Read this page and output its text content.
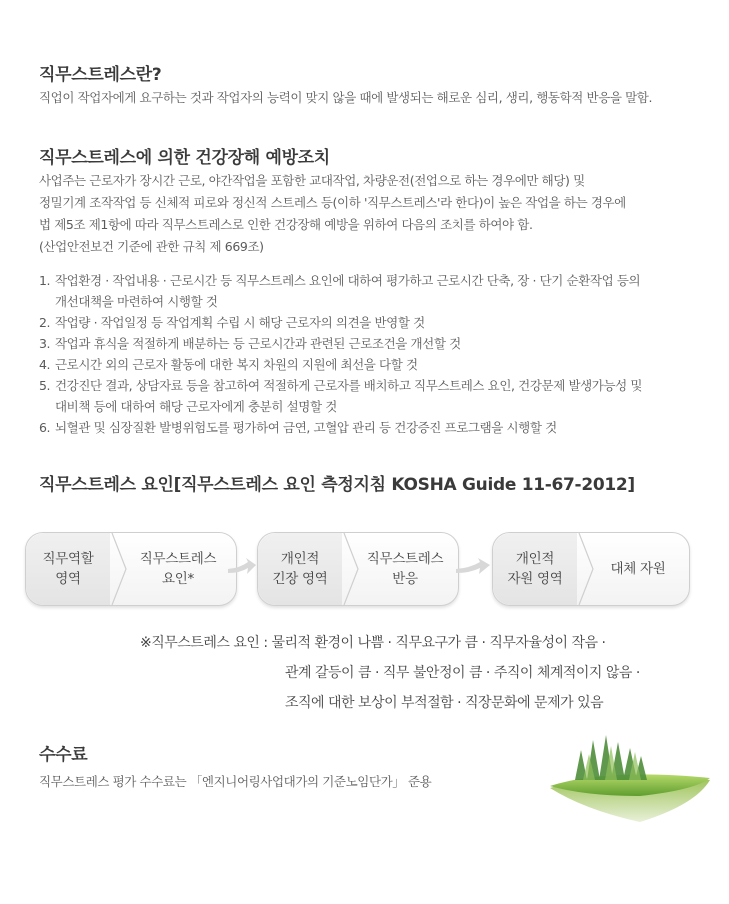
직무스트레스란?
직업이 작업자에게 요구하는 것과 작업자의 능력이 맞지 않을 때에 발생되는 해로운 심리, 생리, 행동학적 반응을 말함.
직무스트레스에 의한 건강장해 예방조치
사업주는 근로자가 장시간 근로, 야간작업을 포함한 교대작업, 차량운전(전업으로 하는 경우에만 해당) 및
정밀기계 조작작업 등 신체적 피로와 정신적 스트레스 등(이하 '직무스트레스'라 한다)이 높은 작업을 하는 경우에
법 제5조 제1항에 따라 직무스트레스로 인한 건강장해 예방을 위하여 다음의 조치를 하여야 함.
(산업안전보건 기준에 관한 규칙 제 669조)
1. 작업환경 · 작업내용 · 근로시간 등 직무스트레스 요인에 대하여 평가하고 근로시간 단축, 장 · 단기 순환작업 등의
개선대책을 마련하여 시행할 것
2. 작업량 · 작업일정 등 작업계획 수립 시 해당 근로자의 의견을 반영할 것
3. 작업과 휴식을 적절하게 배분하는 등 근로시간과 관련된 근로조건을 개선할 것
4. 근로시간 외의 근로자 활동에 대한 복지 차원의 지원에 최선을 다할 것
5. 건강진단 결과, 상담자료 등을 참고하여 적절하게 근로자를 배치하고 직무스트레스 요인, 건강문제 발생가능성 및
대비책 등에 대하여 해당 근로자에게 충분히 설명할 것
6. 뇌혈관 및 심장질환 발병위험도를 평가하여 금연, 고혈압 관리 등 건강증진 프로그램을 시행할 것
직무스트레스 요인[직무스트레스 요인 측정지침 KOSHA Guide 11-67-2012]
직무역할
영역
직무스트레스
요인*
개인적
긴장 영역
직무스트레스
반응
개인적
자원 영역
대체 자원
※직무스트레스 요인 : 물리적 환경이 나쁨 · 직무요구가 큼 · 직무자율성이 작음 ·
관계 갈등이 큼 · 직무 불안정이 큼 · 주직이 체계적이지 않음 ·
조직에 대한 보상이 부적절함 · 직장문화에 문제가 있음
수수료
직무스트레스 평가 수수료는 「엔지니어링사업대가의 기준노임단가」 준용
